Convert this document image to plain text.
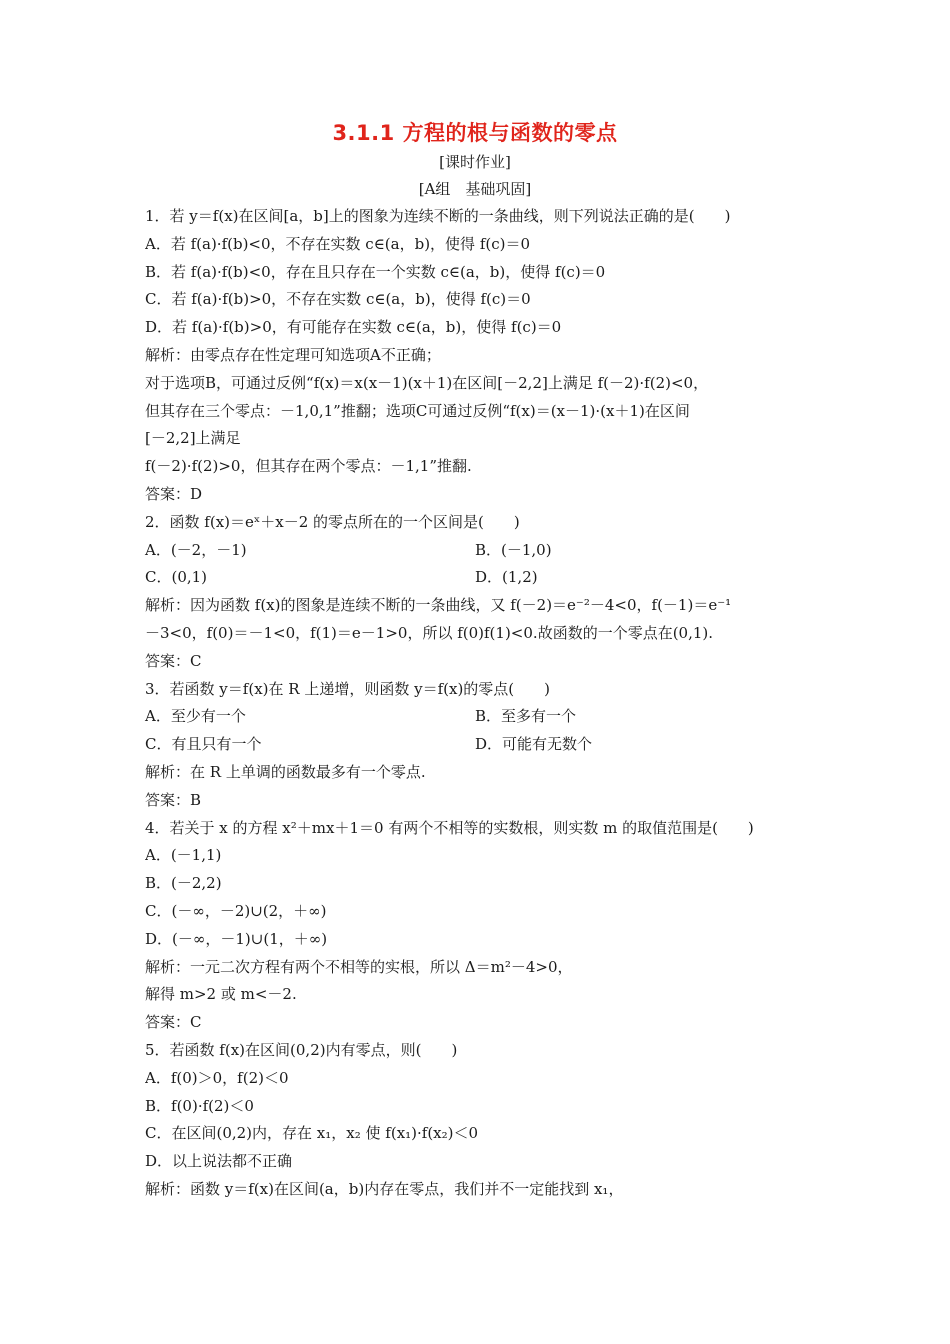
3.1.1 方程的根与函数的零点
[课时作业]
[A组　基础巩固]
1．若 y＝f(x)在区间[a，b]上的图象为连续不断的一条曲线，则下列说法正确的是(　　)
A．若 f(a)·f(b)<0，不存在实数 c∈(a，b)，使得 f(c)＝0
B．若 f(a)·f(b)<0，存在且只存在一个实数 c∈(a，b)，使得 f(c)＝0
C．若 f(a)·f(b)>0，不存在实数 c∈(a，b)，使得 f(c)＝0
D．若 f(a)·f(b)>0，有可能存在实数 c∈(a，b)，使得 f(c)＝0
解析：由零点存在性定理可知选项A不正确；
对于选项B，可通过反例“f(x)＝x(x－1)(x＋1)在区间[－2,2]上满足 f(－2)·f(2)<0，
但其存在三个零点：－1,0,1”推翻；选项C可通过反例“f(x)＝(x－1)·(x＋1)在区间
[－2,2]上满足
f(－2)·f(2)>0，但其存在两个零点：－1,1”推翻.
答案：D
2．函数 f(x)＝eˣ＋x－2 的零点所在的一个区间是(　　)
A．(－2，－1)	B．(－1,0)
C．(0,1)	D．(1,2)
解析：因为函数 f(x)的图象是连续不断的一条曲线，又 f(－2)＝e⁻²－4<0，f(－1)＝e⁻¹
－3<0，f(0)＝－1<0，f(1)＝e－1>0，所以 f(0)f(1)<0.故函数的一个零点在(0,1).
答案：C
3．若函数 y＝f(x)在 R 上递增，则函数 y＝f(x)的零点(　　)
A．至少有一个	B．至多有一个
C．有且只有一个	D．可能有无数个
解析：在 R 上单调的函数最多有一个零点.
答案：B
4．若关于 x 的方程 x²＋mx＋1＝0 有两个不相等的实数根，则实数 m 的取值范围是(　　)
A．(－1,1)
B．(－2,2)
C．(－∞，－2)∪(2，＋∞)
D．(－∞，－1)∪(1，＋∞)
解析：一元二次方程有两个不相等的实根，所以 Δ＝m²－4>0，
解得 m>2 或 m<－2.
答案：C
5．若函数 f(x)在区间(0,2)内有零点，则(　　)
A．f(0)＞0，f(2)＜0
B．f(0)·f(2)＜0
C．在区间(0,2)内，存在 x₁，x₂ 使 f(x₁)·f(x₂)＜0
D．以上说法都不正确
解析：函数 y＝f(x)在区间(a，b)内存在零点，我们并不一定能找到 x₁，
